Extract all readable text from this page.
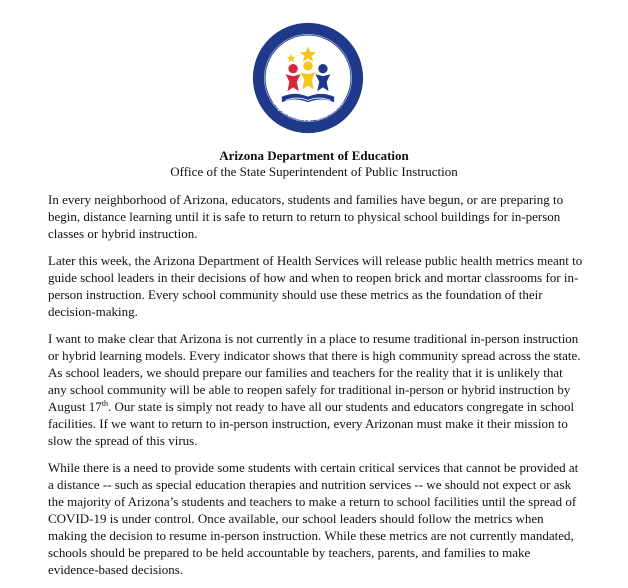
ARIZONA
Department of Education
Arizona Department of Education
Office of the State Superintendent of Public Instruction

In every neighborhood of Arizona, educators, students and families have begun, or are preparing to begin, distance learning until it is safe to return to return to physical school buildings for in-person classes or hybrid instruction.

Later this week, the Arizona Department of Health Services will release public health metrics meant to guide school leaders in their decisions of how and when to reopen brick and mortar classrooms for in-person instruction. Every school community should use these metrics as the foundation of their decision-making.

I want to make clear that Arizona is not currently in a place to resume traditional in-person instruction or hybrid learning models. Every indicator shows that there is high community spread across the state. As school leaders, we should prepare our families and teachers for the reality that it is unlikely that any school community will be able to reopen safely for traditional in-person or hybrid instruction by August 17th. Our state is simply not ready to have all our students and educators congregate in school facilities. If we want to return to in-person instruction, every Arizonan must make it their mission to slow the spread of this virus.

While there is a need to provide some students with certain critical services that cannot be provided at a distance -- such as special education therapies and nutrition services -- we should not expect or ask the majority of Arizona’s students and teachers to make a return to school facilities until the spread of COVID-19 is under control. Once available, our school leaders should follow the metrics when making the decision to resume in-person instruction. While these metrics are not currently mandated, schools should be prepared to be held accountable by teachers, parents, and families to make evidence-based decisions.
